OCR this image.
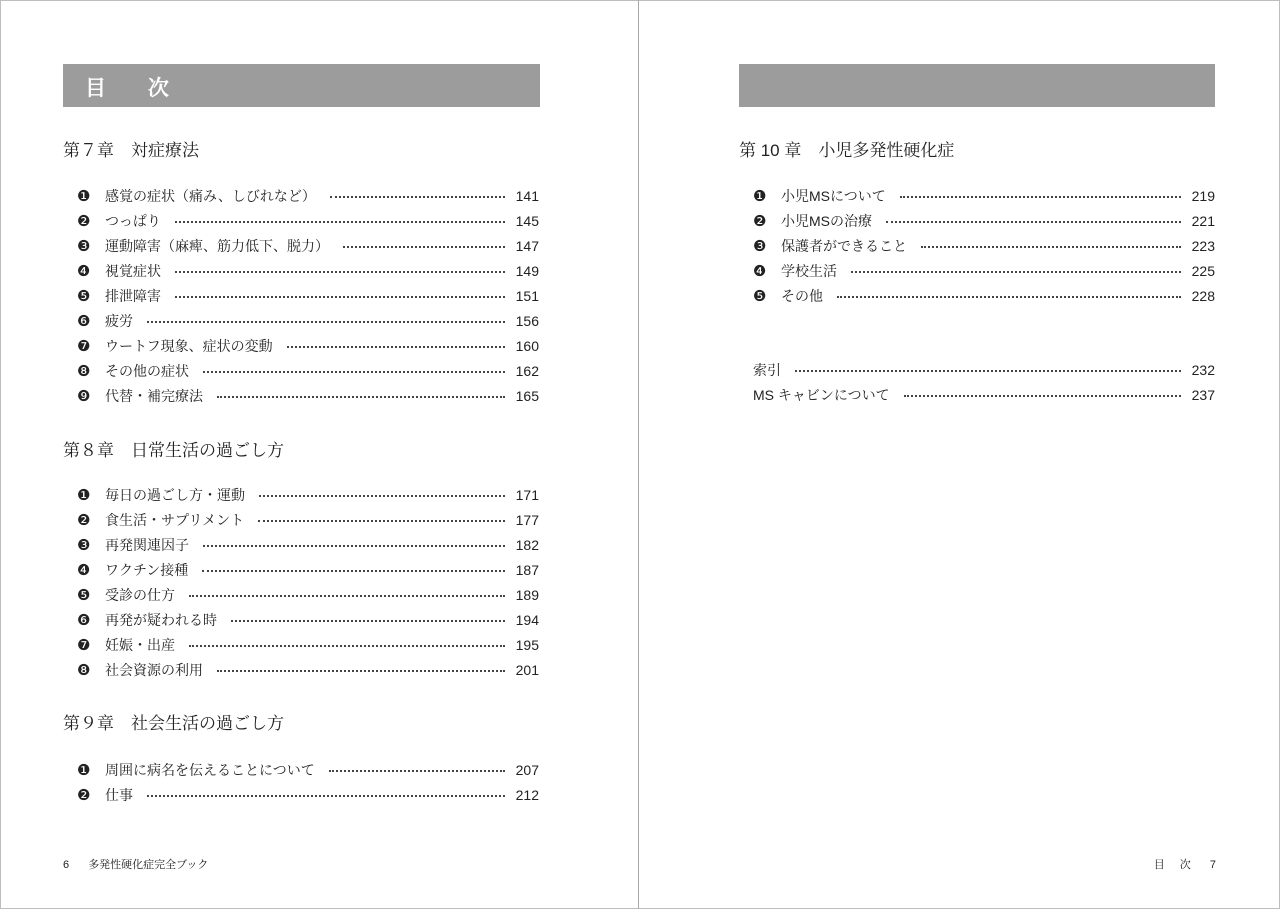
目 次
第７章　対症療法
❶	感覚の症状（痛み、しびれなど）	141
❷	つっぱり	145
❸	運動障害（麻痺、筋力低下、脱力）	147
❹	視覚症状	149
❺	排泄障害	151
❻	疲労	156
❼	ウートフ現象、症状の変動	160
❽	その他の症状	162
❾	代替・補完療法	165
第８章　日常生活の過ごし方
❶	毎日の過ごし方・運動	171
❷	食生活・サプリメント	177
❸	再発関連因子	182
❹	ワクチン接種	187
❺	受診の仕方	189
❻	再発が疑われる時	194
❼	妊娠・出産	195
❽	社会資源の利用	201
第９章　社会生活の過ごし方
❶	周囲に病名を伝えることについて	207
❷	仕事	212
6 多発性硬化症完全ブック
第 10 章　小児多発性硬化症
❶	小児MSについて	219
❷	小児MSの治療	221
❸	保護者ができること	223
❹	学校生活	225
❺	その他	228
索引	232
MS キャビンについて	237
目 次 7
